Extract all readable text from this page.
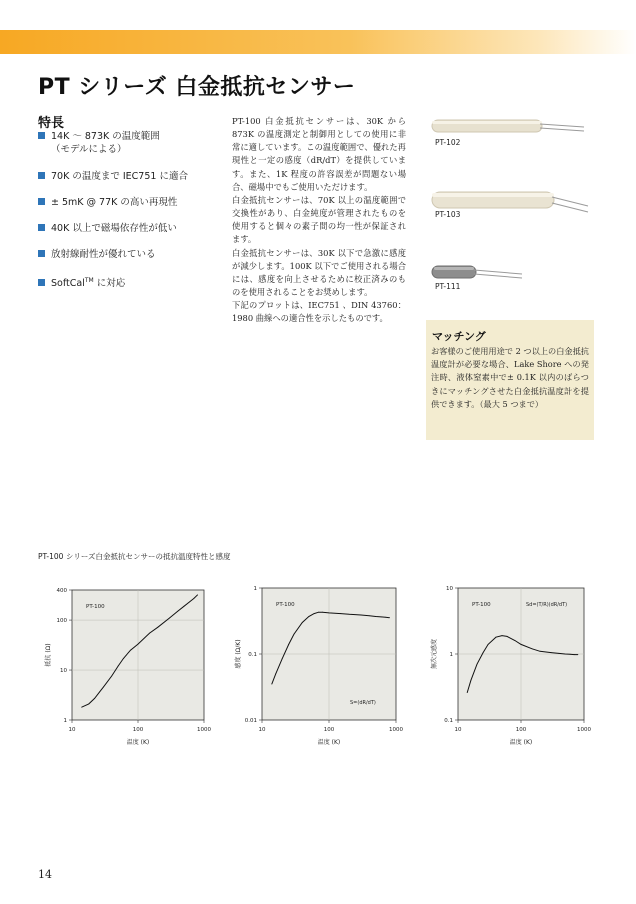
PT シリーズ 白金抵抗センサー
特長
14K ～ 873K の温度範囲
（モデルによる）
70K の温度まで IEC751 に適合
± 5mK @ 77K の高い再現性
40K 以上で磁場依存性が低い
放射線耐性が優れている
SoftCal™ に対応

PT-100 白金抵抗センサーは、30K から 873K の温度測定と制御用としての使用に非常に適しています。この温度範囲で、優れた再現性と一定の感度（dR/dT）を提供しています。また、1K 程度の許容誤差が問題ない場合、磁場中でもご使用いただけます。

白金抵抗センサーは、70K 以上の温度範囲で交換性があり、白金純度が管理されたものを使用すると個々の素子間の均一性が保証されます。

白金抵抗センサーは、30K 以下で急激に感度が減少します。100K 以下でご使用される場合には、感度を向上させるために校正済みのものを使用されることをお奨めします。

下記のプロットは、IEC751 、DIN 43760：1980 曲線への適合性を示したものです。

PT-102
PT-103
PT-111
マッチング
お客様のご使用用途で 2 つ以上の白金抵抗温度計が必要な場合、Lake Shore への発注時、液体窒素中で± 0.1K 以内のばらつきにマッチングさせた白金抵抗温度計を提供できます。（最大 5 つまで）
PT-100 シリーズ白金抵抗センサーの抵抗温度特性と感度
10	100	1000
1
10
100
400
PT-100
温度 (K)
抵抗 (Ω)
10	100	1000
0.01
0.1
1
PT-100
S=(dR/dT)
温度 (K)
感度 (Ω/K)
10	100	1000
0.1
1
10
PT-100	Sd=(T/R)(dR/dT)
温度 (K)
無次元感度
14
